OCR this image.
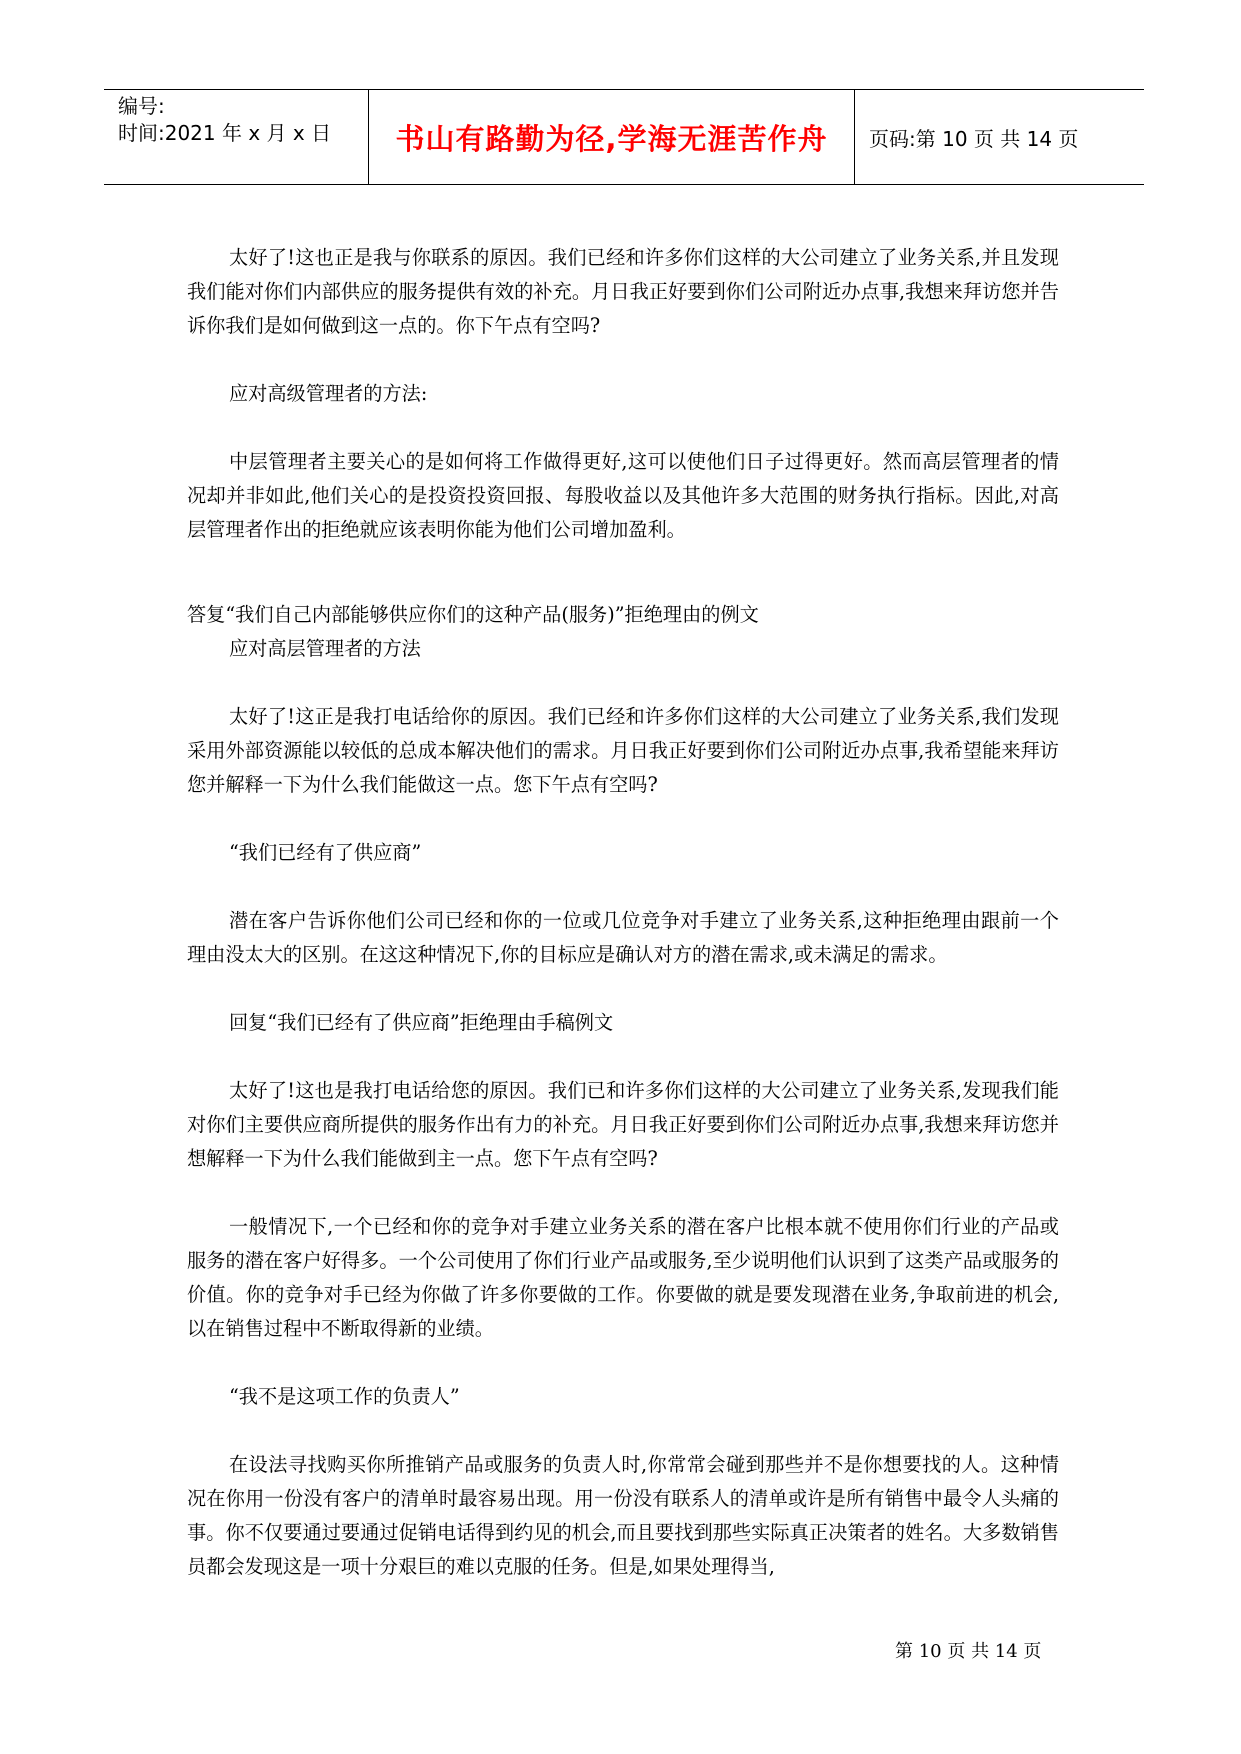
编号:
时间:2021 年 x 月 x 日 书山有路勤为径,学海无涯苦作舟 页码:第 10 页 共 14 页

太好了!这也正是我与你联系的原因。我们已经和许多你们这样的大公司建立了业务关系,并且发现我们能对你们内部供应的服务提供有效的补充。月日我正好要到你们公司附近办点事,我想来拜访您并告诉你我们是如何做到这一点的。你下午点有空吗?

应对高级管理者的方法:

中层管理者主要关心的是如何将工作做得更好,这可以使他们日子过得更好。然而高层管理者的情况却并非如此,他们关心的是投资投资回报、每股收益以及其他许多大范围的财务执行指标。因此,对高层管理者作出的拒绝就应该表明你能为他们公司增加盈利。

答复“我们自己内部能够供应你们的这种产品(服务)”拒绝理由的例文

应对高层管理者的方法

太好了!这正是我打电话给你的原因。我们已经和许多你们这样的大公司建立了业务关系,我们发现采用外部资源能以较低的总成本解决他们的需求。月日我正好要到你们公司附近办点事,我希望能来拜访您并解释一下为什么我们能做这一点。您下午点有空吗?

“我们已经有了供应商”

潜在客户告诉你他们公司已经和你的一位或几位竞争对手建立了业务关系,这种拒绝理由跟前一个理由没太大的区别。在这这种情况下,你的目标应是确认对方的潜在需求,或未满足的需求。

回复“我们已经有了供应商”拒绝理由手稿例文

太好了!这也是我打电话给您的原因。我们已和许多你们这样的大公司建立了业务关系,发现我们能对你们主要供应商所提供的服务作出有力的补充。月日我正好要到你们公司附近办点事,我想来拜访您并想解释一下为什么我们能做到主一点。您下午点有空吗?

一般情况下,一个已经和你的竞争对手建立业务关系的潜在客户比根本就不使用你们行业的产品或服务的潜在客户好得多。一个公司使用了你们行业产品或服务,至少说明他们认识到了这类产品或服务的价值。你的竞争对手已经为你做了许多你要做的工作。你要做的就是要发现潜在业务,争取前进的机会,以在销售过程中不断取得新的业绩。

“我不是这项工作的负责人”

在设法寻找购买你所推销产品或服务的负责人时,你常常会碰到那些并不是你想要找的人。这种情况在你用一份没有客户的清单时最容易出现。用一份没有联系人的清单或许是所有销售中最令人头痛的事。你不仅要通过要通过促销电话得到约见的机会,而且要找到那些实际真正决策者的姓名。大多数销售员都会发现这是一项十分艰巨的难以克服的任务。但是,如果处理得当,

第 10 页 共 14 页
